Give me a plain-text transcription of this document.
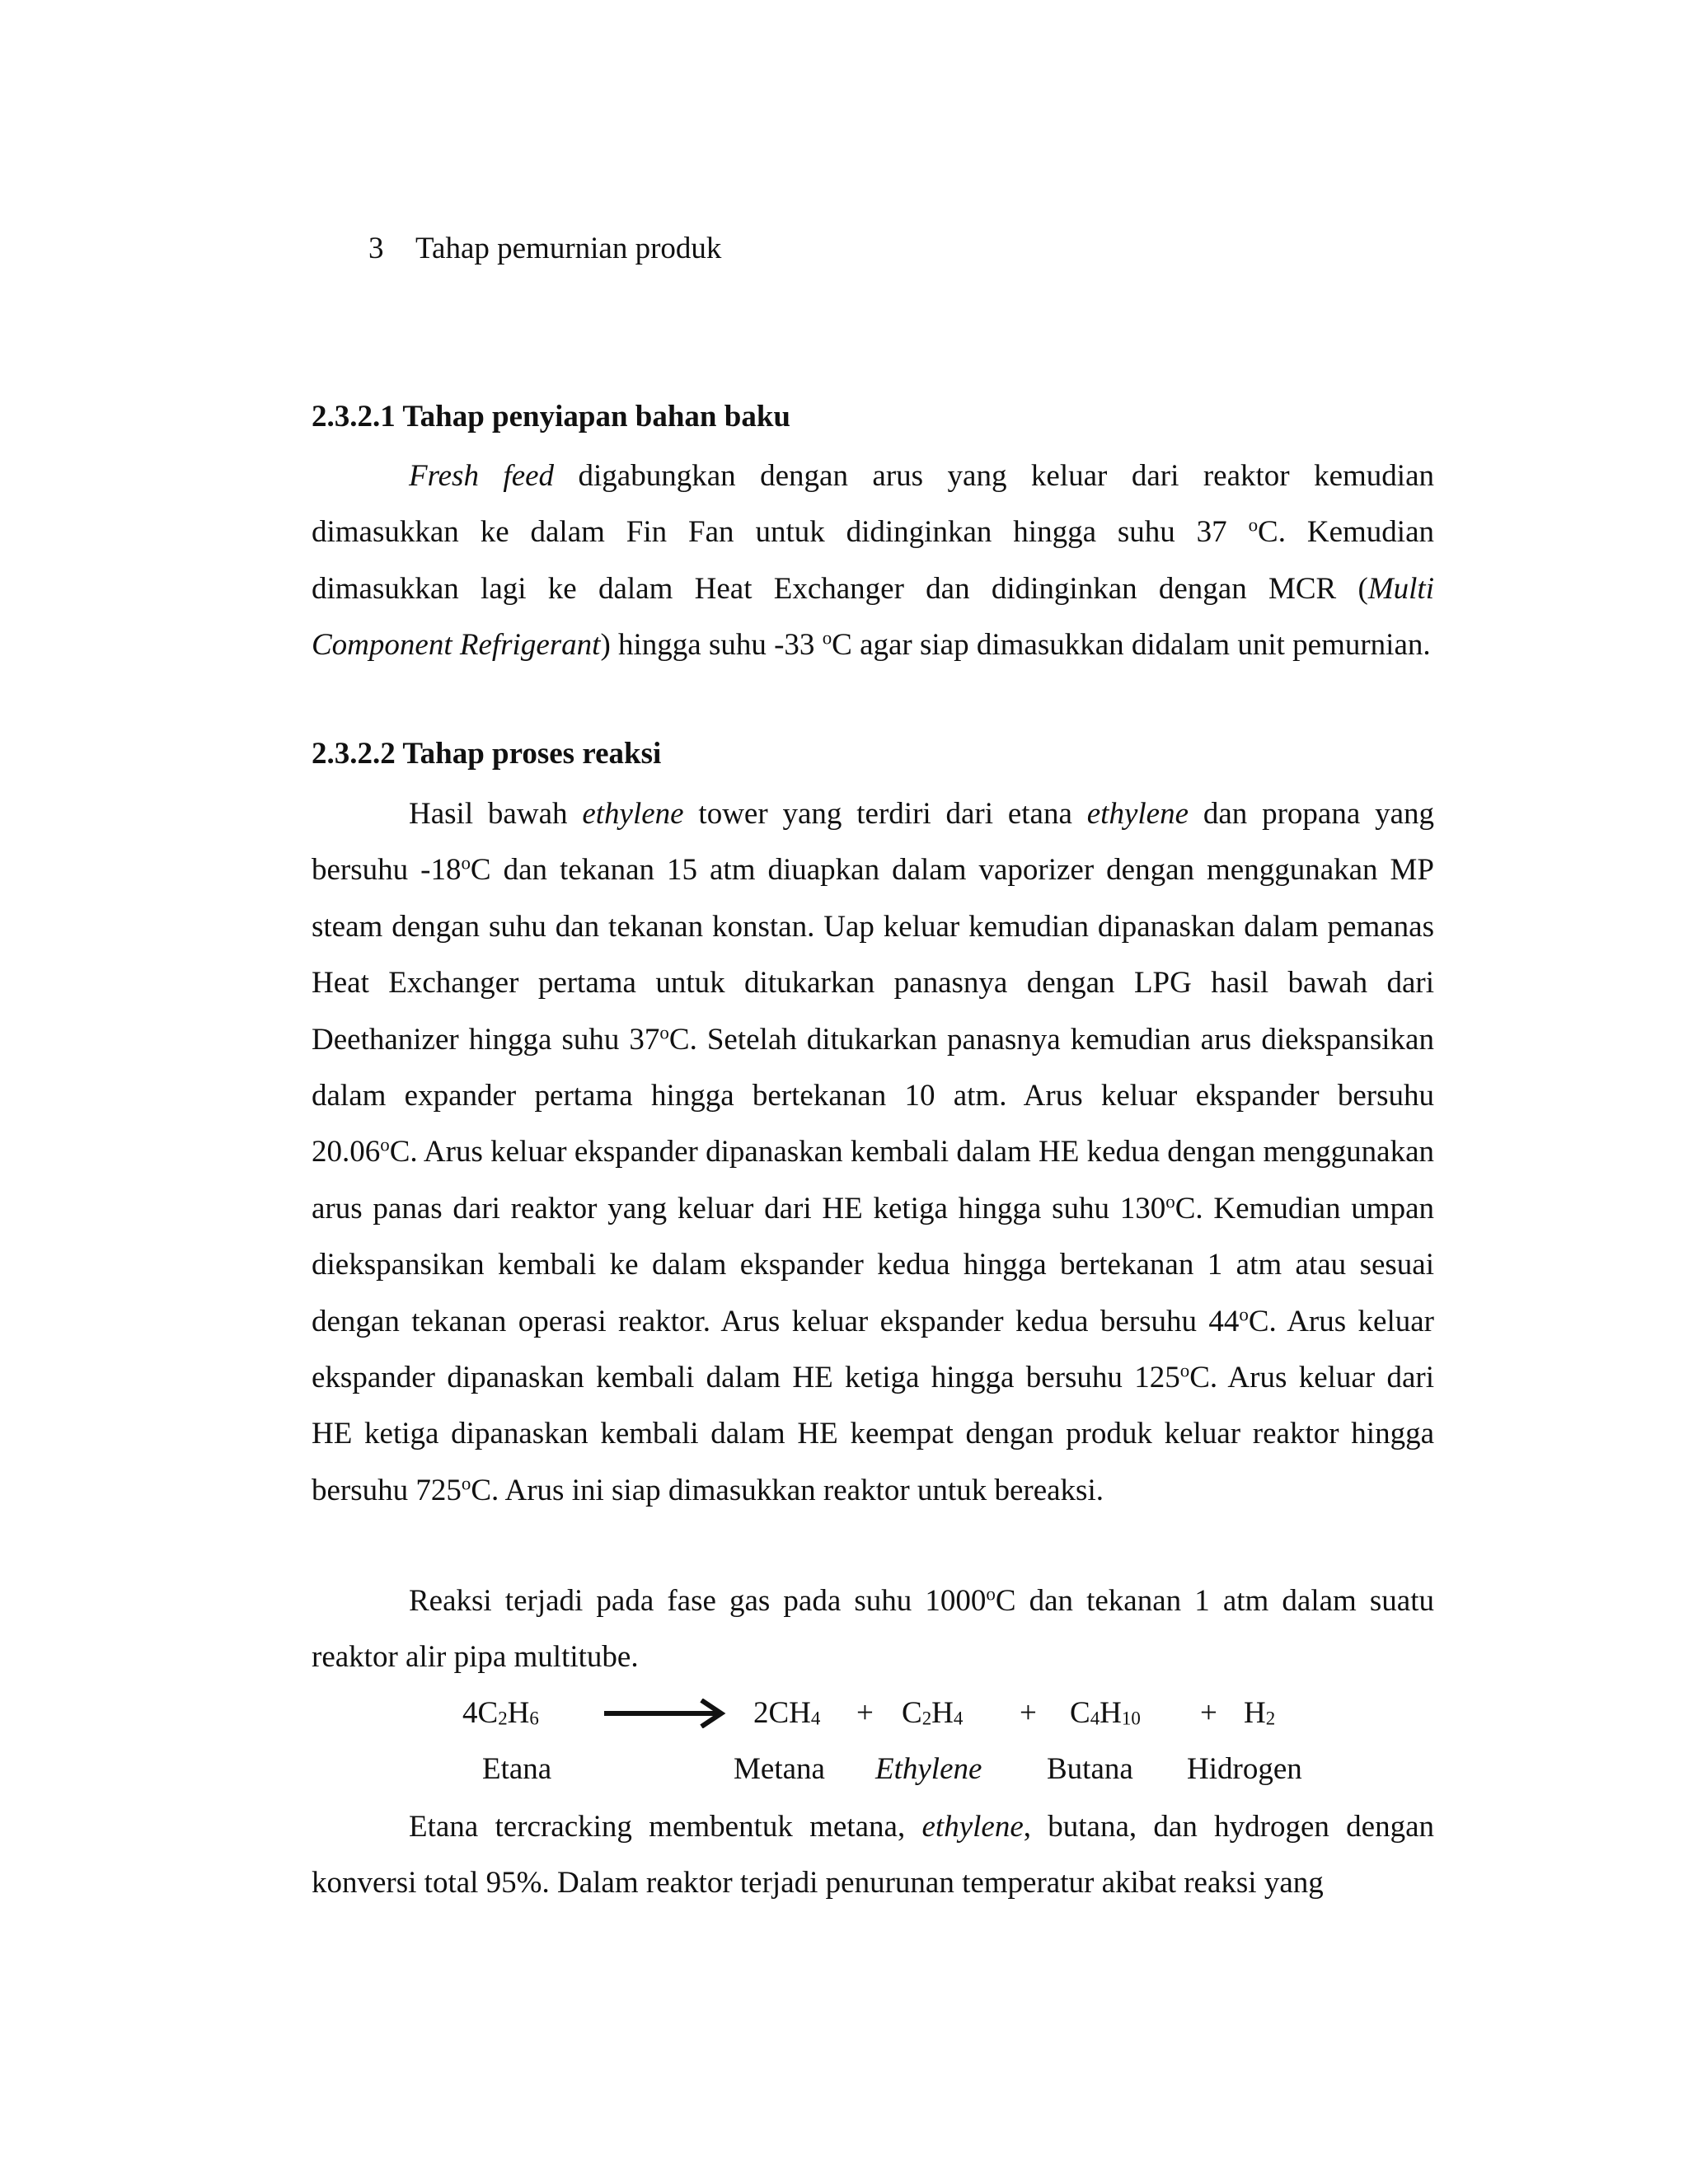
3 Tahap pemurnian produk
2.3.2.1 Tahap penyiapan bahan baku
Fresh feed digabungkan dengan arus yang keluar dari reaktor kemudian dimasukkan ke dalam Fin Fan untuk didinginkan hingga suhu 37 $^o$C. Kemudian dimasukkan lagi ke dalam Heat Exchanger dan didinginkan dengan MCR (Multi Component Refrigerant) hingga suhu -33 $^o$C agar siap dimasukkan didalam unit pemurnian.
2.3.2.2 Tahap proses reaksi
Hasil bawah ethylene tower yang terdiri dari etana ethylene dan propana yang bersuhu -18$^o$C dan tekanan 15 atm diuapkan dalam vaporizer dengan menggunakan MP steam dengan suhu dan tekanan konstan. Uap keluar kemudian dipanaskan dalam pemanas Heat Exchanger pertama untuk ditukarkan panasnya dengan LPG hasil bawah dari Deethanizer hingga suhu 37$^o$C. Setelah ditukarkan panasnya kemudian arus diekspansikan dalam expander pertama hingga bertekanan 10 atm. Arus keluar ekspander bersuhu 20.06$^o$C. Arus keluar ekspander dipanaskan kembali dalam HE kedua dengan menggunakan arus panas dari reaktor yang keluar dari HE ketiga hingga suhu 130$^o$C. Kemudian umpan diekspansikan kembali ke dalam ekspander kedua hingga bertekanan 1 atm atau sesuai dengan tekanan operasi reaktor. Arus keluar ekspander kedua bersuhu 44$^o$C. Arus keluar ekspander dipanaskan kembali dalam HE ketiga hingga bersuhu 125$^o$C. Arus keluar dari HE ketiga dipanaskan kembali dalam HE keempat dengan produk keluar reaktor hingga bersuhu 725$^o$C. Arus ini siap dimasukkan reaktor untuk bereaksi.
Reaksi terjadi pada fase gas pada suhu 1000$^o$C dan tekanan 1 atm dalam suatu reaktor alir pipa multitube.
$4C_2H_6$	$2CH_4 + C_2H_4 + C_4H_{10} + H_2$
Etana	Metana Ethylene Butana Hidrogen
Etana tercracking membentuk metana, ethylene, butana, dan hydrogen dengan konversi total 95%. Dalam reaktor terjadi penurunan temperatur akibat reaksi yang
